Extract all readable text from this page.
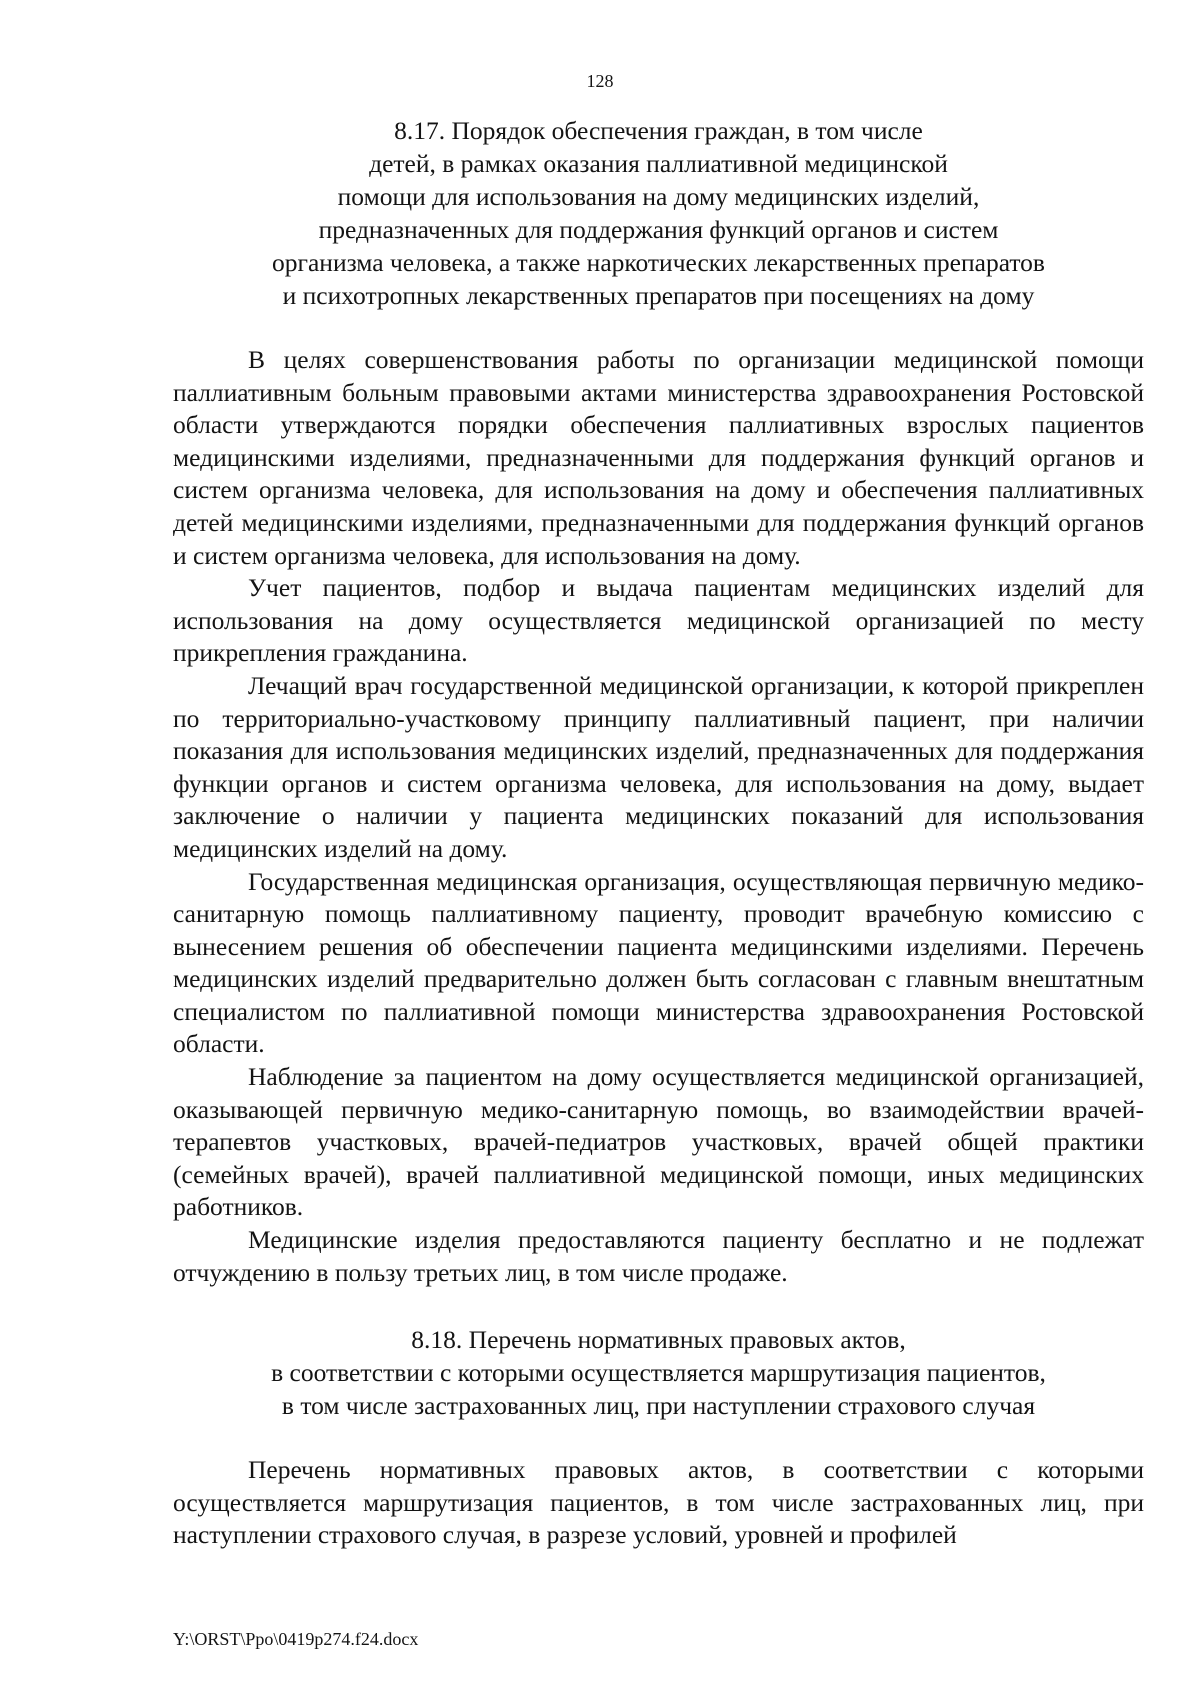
128
8.17. Порядок обеспечения граждан, в том числе
детей, в рамках оказания паллиативной медицинской
помощи для использования на дому медицинских изделий,
предназначенных для поддержания функций органов и систем
организма человека, а также наркотических лекарственных препаратов
и психотропных лекарственных препаратов при посещениях на дому

В целях совершенствования работы по организации медицинской помощи паллиативным больным правовыми актами министерства здравоохранения Ростовской области утверждаются порядки обеспечения паллиативных взрослых пациентов медицинскими изделиями, предназначенными для поддержания функций органов и систем организма человека, для использования на дому и обеспечения паллиативных детей медицинскими изделиями, предназначенными для поддержания функций органов и систем организма человека, для использования на дому.

Учет пациентов, подбор и выдача пациентам медицинских изделий для использования на дому осуществляется медицинской организацией по месту прикрепления гражданина.

Лечащий врач государственной медицинской организации, к которой прикреплен по территориально-участковому принципу паллиативный пациент, при наличии показания для использования медицинских изделий, предназначенных для поддержания функции органов и систем организма человека, для использования на дому, выдает заключение о наличии у пациента медицинских показаний для использования медицинских изделий на дому.

Государственная медицинская организация, осуществляющая первичную медико-санитарную помощь паллиативному пациенту, проводит врачебную комиссию с вынесением решения об обеспечении пациента медицинскими изделиями. Перечень медицинских изделий предварительно должен быть согласован с главным внештатным специалистом по паллиативной помощи министерства здравоохранения Ростовской области.

Наблюдение за пациентом на дому осуществляется медицинской организацией, оказывающей первичную медико-санитарную помощь, во взаимодействии врачей-терапевтов участковых, врачей-педиатров участковых, врачей общей практики (семейных врачей), врачей паллиативной медицинской помощи, иных медицинских работников.

Медицинские изделия предоставляются пациенту бесплатно и не подлежат отчуждению в пользу третьих лиц, в том числе продаже.

8.18. Перечень нормативных правовых актов,
в соответствии с которыми осуществляется маршрутизация пациентов,
в том числе застрахованных лиц, при наступлении страхового случая

Перечень нормативных правовых актов, в соответствии с которыми осуществляется маршрутизация пациентов, в том числе застрахованных лиц, при наступлении страхового случая, в разрезе условий, уровней и профилей

Y:\ORST\Ppo\0419p274.f24.docx
